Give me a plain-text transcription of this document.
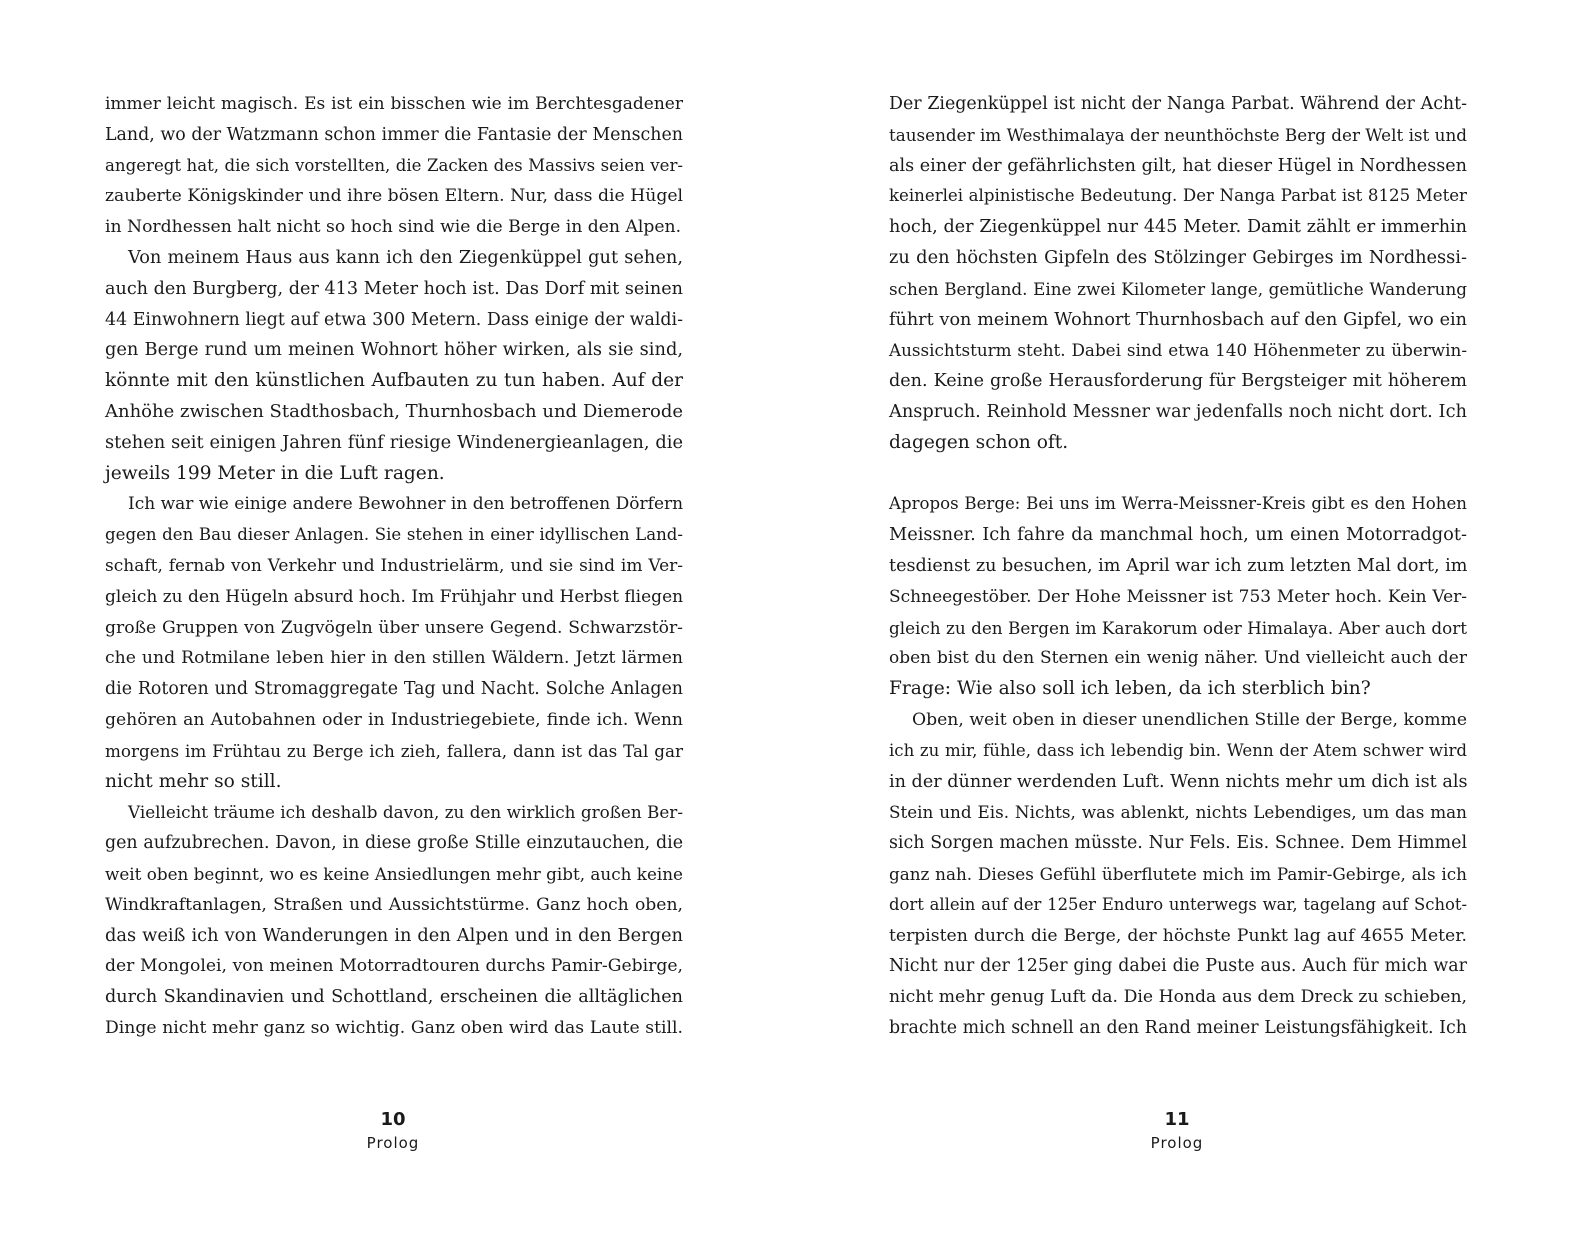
immer leicht magisch. Es ist ein bisschen wie im Berchtesgadener
Land, wo der Watzmann schon immer die Fantasie der Menschen
angeregt hat, die sich vorstellten, die Zacken des Massivs seien ver-
zauberte Königskinder und ihre bösen Eltern. Nur, dass die Hügel
in Nordhessen halt nicht so hoch sind wie die Berge in den Alpen.
Von meinem Haus aus kann ich den Ziegenküppel gut sehen,
auch den Burgberg, der 413 Meter hoch ist. Das Dorf mit seinen
44 Einwohnern liegt auf etwa 300 Metern. Dass einige der waldi-
gen Berge rund um meinen Wohnort höher wirken, als sie sind,
könnte mit den künstlichen Aufbauten zu tun haben. Auf der
Anhöhe zwischen Stadthosbach, Thurnhosbach und Diemerode
stehen seit einigen Jahren fünf riesige Windenergieanlagen, die
jeweils 199 Meter in die Luft ragen.
Ich war wie einige andere Bewohner in den betroffenen Dörfern
gegen den Bau dieser Anlagen. Sie stehen in einer idyllischen Land-
schaft, fernab von Verkehr und Industrielärm, und sie sind im Ver-
gleich zu den Hügeln absurd hoch. Im Frühjahr und Herbst fliegen
große Gruppen von Zugvögeln über unsere Gegend. Schwarzstör-
che und Rotmilane leben hier in den stillen Wäldern. Jetzt lärmen
die Rotoren und Stromaggregate Tag und Nacht. Solche Anlagen
gehören an Autobahnen oder in Industriegebiete, finde ich. Wenn
morgens im Frühtau zu Berge ich zieh, fallera, dann ist das Tal gar
nicht mehr so still.
Vielleicht träume ich deshalb davon, zu den wirklich großen Ber-
gen aufzubrechen. Davon, in diese große Stille einzutauchen, die
weit oben beginnt, wo es keine Ansiedlungen mehr gibt, auch keine
Windkraftanlagen, Straßen und Aussichtstürme. Ganz hoch oben,
das weiß ich von Wanderungen in den Alpen und in den Bergen
der Mongolei, von meinen Motorradtouren durchs Pamir-Gebirge,
durch Skandinavien und Schottland, erscheinen die alltäglichen
Dinge nicht mehr ganz so wichtig. Ganz oben wird das Laute still.
10
Prolog
Der Ziegenküppel ist nicht der Nanga Parbat. Während der Acht-
tausender im Westhimalaya der neunthöchste Berg der Welt ist und
als einer der gefährlichsten gilt, hat dieser Hügel in Nordhessen
keinerlei alpinistische Bedeutung. Der Nanga Parbat ist 8125 Meter
hoch, der Ziegenküppel nur 445 Meter. Damit zählt er immerhin
zu den höchsten Gipfeln des Stölzinger Gebirges im Nordhessi-
schen Bergland. Eine zwei Kilometer lange, gemütliche Wanderung
führt von meinem Wohnort Thurnhosbach auf den Gipfel, wo ein
Aussichtsturm steht. Dabei sind etwa 140 Höhenmeter zu überwin-
den. Keine große Herausforderung für Bergsteiger mit höherem
Anspruch. Reinhold Messner war jedenfalls noch nicht dort. Ich
dagegen schon oft.
Apropos Berge: Bei uns im Werra-Meissner-Kreis gibt es den Hohen
Meissner. Ich fahre da manchmal hoch, um einen Motorradgot-
tesdienst zu besuchen, im April war ich zum letzten Mal dort, im
Schneegestöber. Der Hohe Meissner ist 753 Meter hoch. Kein Ver-
gleich zu den Bergen im Karakorum oder Himalaya. Aber auch dort
oben bist du den Sternen ein wenig näher. Und vielleicht auch der
Frage: Wie also soll ich leben, da ich sterblich bin?
Oben, weit oben in dieser unendlichen Stille der Berge, komme
ich zu mir, fühle, dass ich lebendig bin. Wenn der Atem schwer wird
in der dünner werdenden Luft. Wenn nichts mehr um dich ist als
Stein und Eis. Nichts, was ablenkt, nichts Lebendiges, um das man
sich Sorgen machen müsste. Nur Fels. Eis. Schnee. Dem Himmel
ganz nah. Dieses Gefühl überflutete mich im Pamir-Gebirge, als ich
dort allein auf der 125er Enduro unterwegs war, tagelang auf Schot-
terpisten durch die Berge, der höchste Punkt lag auf 4655 Meter.
Nicht nur der 125er ging dabei die Puste aus. Auch für mich war
nicht mehr genug Luft da. Die Honda aus dem Dreck zu schieben,
brachte mich schnell an den Rand meiner Leistungsfähigkeit. Ich
11
Prolog
